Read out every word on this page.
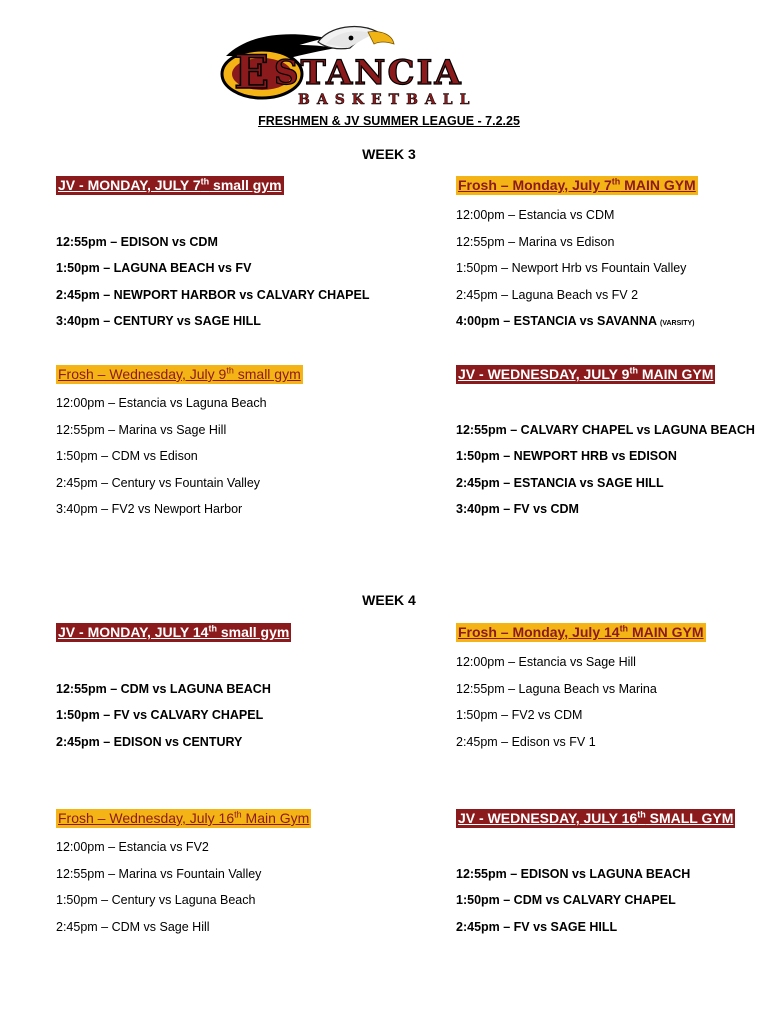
E STANCIA
BASKETBALL
FRESHMEN & JV SUMMER LEAGUE - 7.2.25
WEEK 3
JV - MONDAY, JULY 7th small gym
12:55pm – EDISON vs CDM
1:50pm – LAGUNA BEACH vs FV
2:45pm – NEWPORT HARBOR vs CALVARY CHAPEL
3:40pm – CENTURY vs SAGE HILL
Frosh – Monday, July 7th MAIN GYM
12:00pm – Estancia vs CDM
12:55pm – Marina vs Edison
1:50pm – Newport Hrb vs Fountain Valley
2:45pm – Laguna Beach vs FV 2
4:00pm – ESTANCIA vs SAVANNA (VARSITY)
Frosh – Wednesday, July 9th small gym
12:00pm – Estancia vs Laguna Beach
12:55pm – Marina vs Sage Hill
1:50pm – CDM vs Edison
2:45pm – Century vs Fountain Valley
3:40pm – FV2 vs Newport Harbor
JV - WEDNESDAY, JULY 9th MAIN GYM
12:55pm – CALVARY CHAPEL vs LAGUNA BEACH
1:50pm – NEWPORT HRB vs EDISON
2:45pm – ESTANCIA vs SAGE HILL
3:40pm – FV vs CDM
WEEK 4
JV - MONDAY, JULY 14th small gym
12:55pm – CDM vs LAGUNA BEACH
1:50pm – FV vs CALVARY CHAPEL
2:45pm – EDISON vs CENTURY
Frosh – Monday, July 14th MAIN GYM
12:00pm – Estancia vs Sage Hill
12:55pm – Laguna Beach vs Marina
1:50pm – FV2 vs CDM
2:45pm – Edison vs FV 1
Frosh – Wednesday, July 16th Main Gym
12:00pm – Estancia vs FV2
12:55pm – Marina vs Fountain Valley
1:50pm – Century vs Laguna Beach
2:45pm – CDM vs Sage Hill
JV - WEDNESDAY, JULY 16th SMALL GYM
12:55pm – EDISON vs LAGUNA BEACH
1:50pm – CDM vs CALVARY CHAPEL
2:45pm – FV vs SAGE HILL
